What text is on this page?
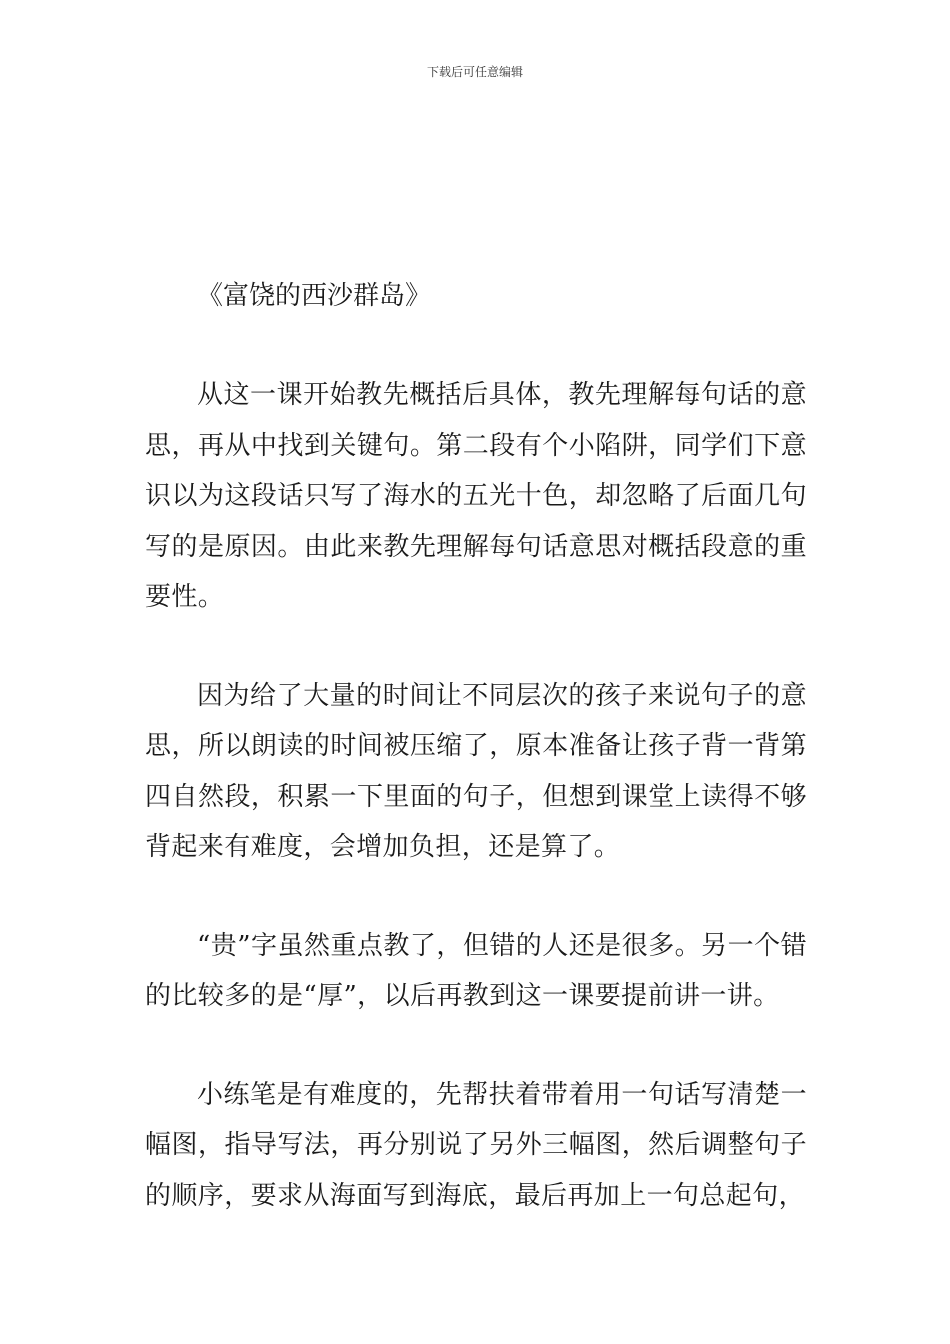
下载后可任意编辑
《富饶的西沙群岛》

从这一课开始教先概括后具体，教先理解每句话的意思，再从中找到关键句。第二段有个小陷阱，同学们下意识以为这段话只写了海水的五光十色，却忽略了后面几句写的是原因。由此来教先理解每句话意思对概括段意的重要性。

因为给了大量的时间让不同层次的孩子来说句子的意思，所以朗读的时间被压缩了，原本准备让孩子背一背第四自然段，积累一下里面的句子，但想到课堂上读得不够背起来有难度，会增加负担，还是算了。

“贵”字虽然重点教了，但错的人还是很多。另一个错的比较多的是“厚”，以后再教到这一课要提前讲一讲。

小练笔是有难度的，先帮扶着带着用一句话写清楚一幅图，指导写法，再分别说了另外三幅图，然后调整句子的顺序，要求从海面写到海底，最后再加上一句总起句，
